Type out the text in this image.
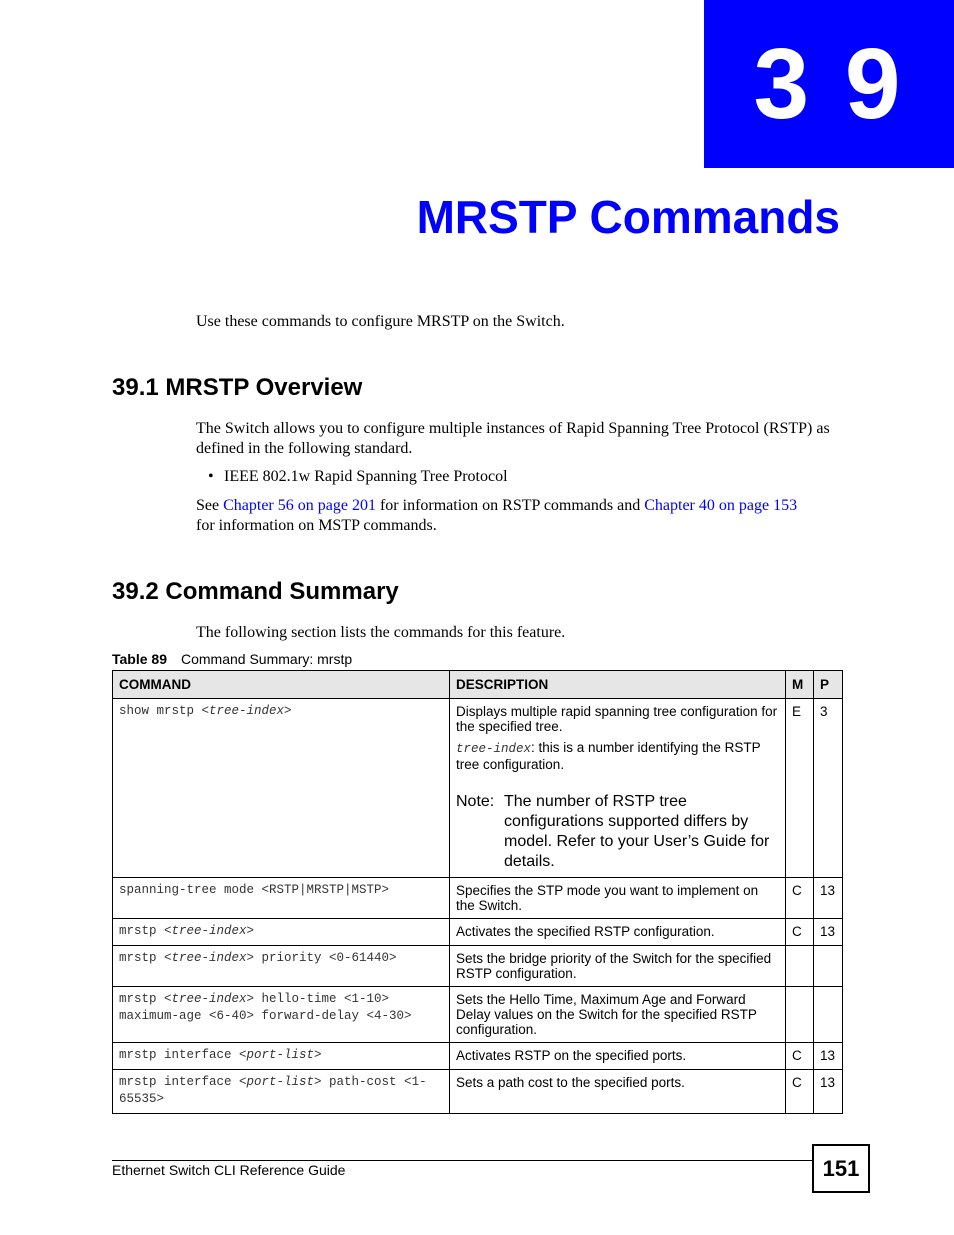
3 9
MRSTP Commands

Use these commands to configure MRSTP on the Switch.

39.1 MRSTP Overview

The Switch allows you to configure multiple instances of Rapid Spanning Tree Protocol (RSTP) as defined in the following standard.

• IEEE 802.1w Rapid Spanning Tree Protocol

See Chapter 56 on page 201 for information on RSTP commands and Chapter 40 on page 153
for information on MSTP commands.

39.2 Command Summary

The following section lists the commands for this feature.

Table 89 Command Summary: mrstp

COMMAND	DESCRIPTION	M	P
show mrstp <tree-index>	Displays multiple rapid spanning tree configuration for the specified tree.

tree-index: this is a number identifying the RSTP tree configuration.

Note: The number of RSTP tree configurations supported differs by model. Refer to your User’s Guide for details.	E	3
spanning-tree mode <RSTP|MRSTP|MSTP>	Specifies the STP mode you want to implement on the Switch.	C	13
mrstp <tree-index>	Activates the specified RSTP configuration.	C	13
mrstp <tree-index> priority <0-61440>	Sets the bridge priority of the Switch for the specified RSTP configuration.		
mrstp <tree-index> hello-time <1-10> maximum-age <6-40> forward-delay <4-30>	Sets the Hello Time, Maximum Age and Forward Delay values on the Switch for the specified RSTP configuration.		
mrstp interface <port-list>	Activates RSTP on the specified ports.	C	13
mrstp interface <port-list> path-cost <1-65535>	Sets a path cost to the specified ports.	C	13

Ethernet Switch CLI Reference Guide	151
